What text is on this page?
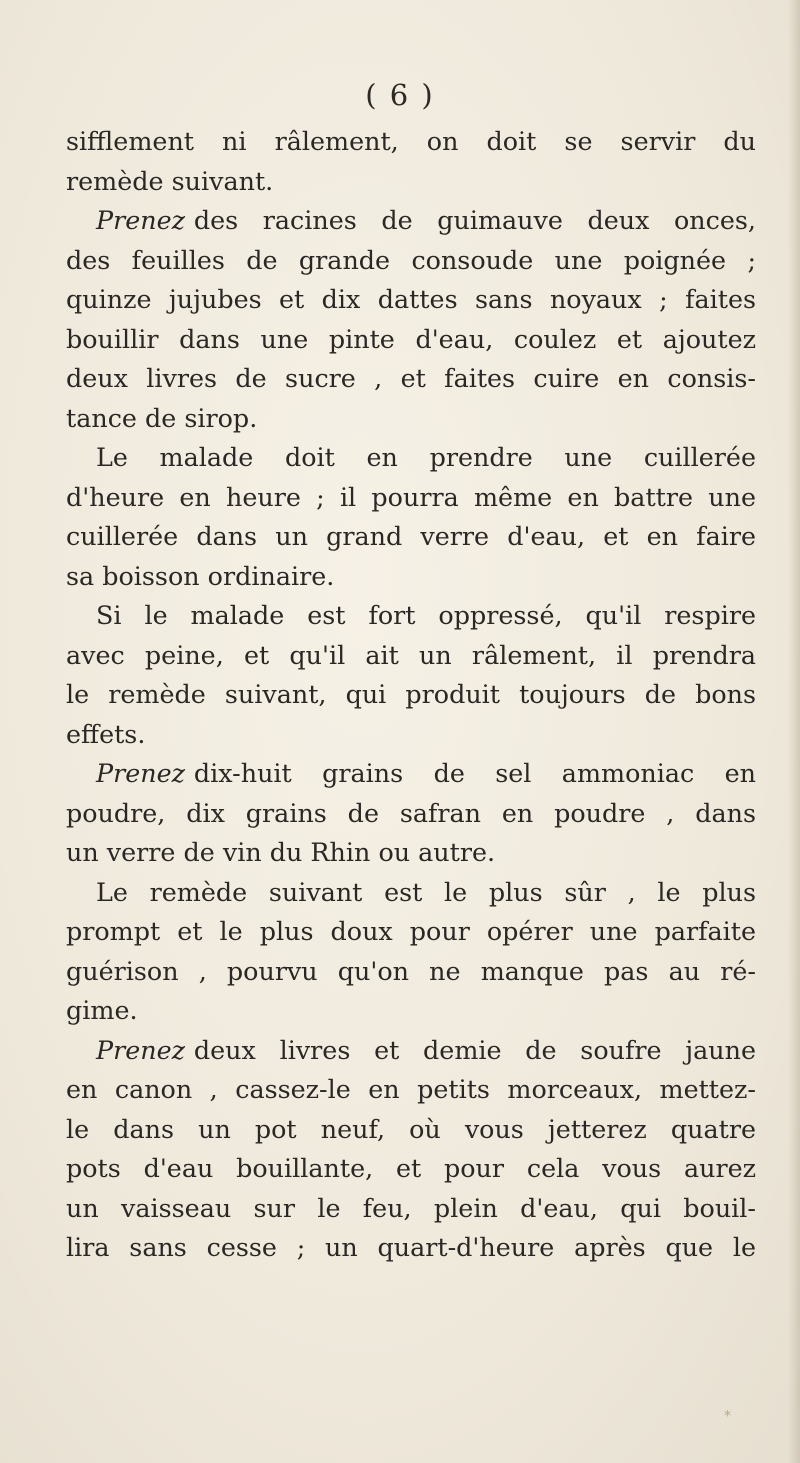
( 6 )
sifflement ni râlement, on doit se servir du
remède suivant.
Prenez des racines de guimauve deux onces,
des feuilles de grande consoude une poignée ;
quinze jujubes et dix dattes sans noyaux ; faites
bouillir dans une pinte d'eau, coulez et ajoutez
deux livres de sucre , et faites cuire en consis-
tance de sirop.
Le malade doit en prendre une cuillerée
d'heure en heure ; il pourra même en battre une
cuillerée dans un grand verre d'eau, et en faire
sa boisson ordinaire.
Si le malade est fort oppressé, qu'il respire
avec peine, et qu'il ait un râlement, il prendra
le remède suivant, qui produit toujours de bons
effets.
Prenez dix-huit grains de sel ammoniac en
poudre, dix grains de safran en poudre , dans
un verre de vin du Rhin ou autre.
Le remède suivant est le plus sûr , le plus
prompt et le plus doux pour opérer une parfaite
guérison , pourvu qu'on ne manque pas au ré-
gime.
Prenez deux livres et demie de soufre jaune
en canon , cassez-le en petits morceaux, mettez-
le dans un pot neuf, où vous jetterez quatre
pots d'eau bouillante, et pour cela vous aurez
un vaisseau sur le feu, plein d'eau, qui bouil-
lira sans cesse ; un quart-d'heure après que le
⁎
